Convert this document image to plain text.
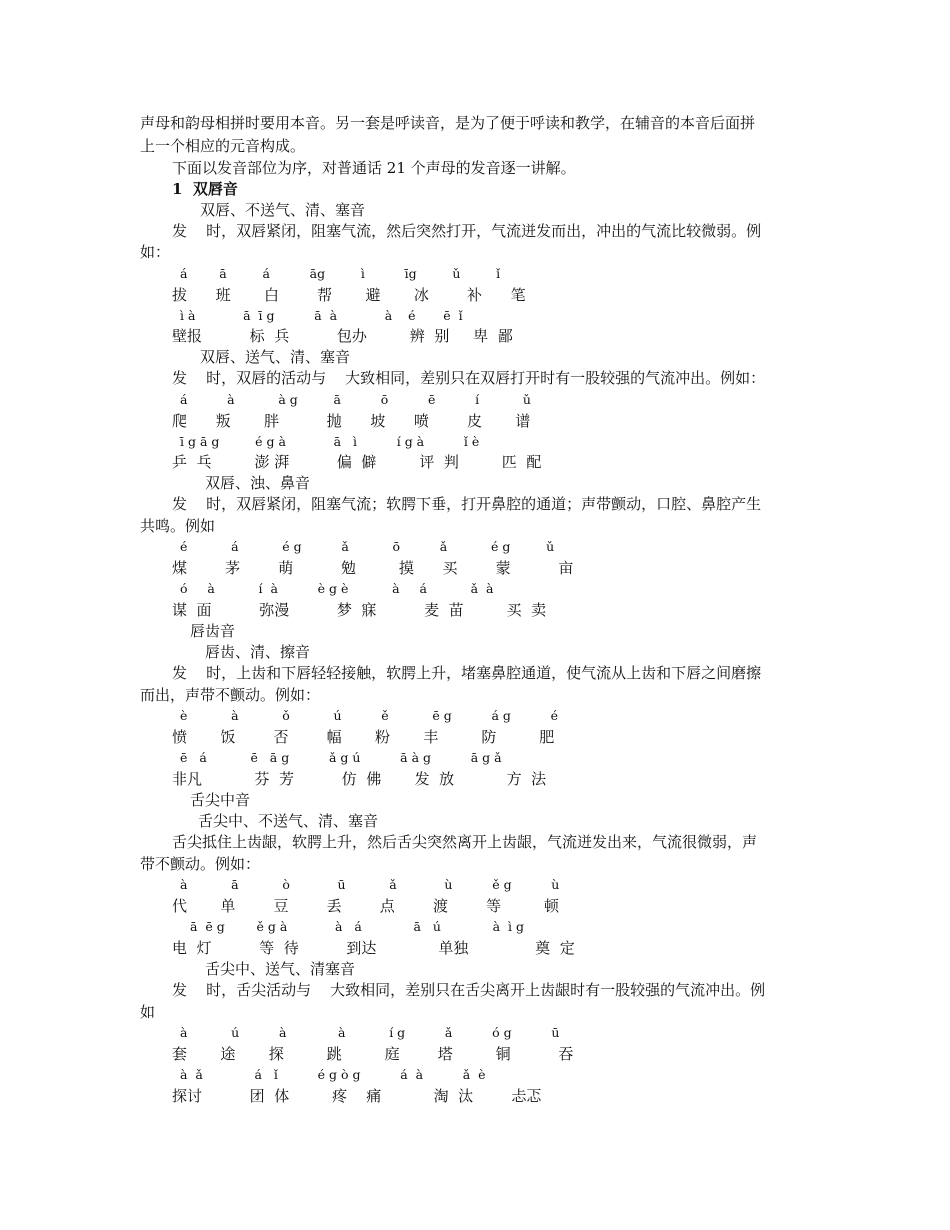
声母和韵母相拼时要用本音。另一套是呼读音，是为了便于呼读和教学，在辅音的本音后面拼
上一个相应的元音构成。
下面以发音部位为序，对普通话 21 个声母的发音逐一讲解。
1  双唇音
双唇、不送气、清、塞音
发    时，双唇紧闭，阻塞气流，然后突然打开，气流迸发而出，冲出的气流比较微弱。例
如：
á        ā         á          āg         ì          īg         ǔ         ǐ
拔      班       白        帮       避       冰        补      笔
ì à            ā  ī g          ā  à            à    é       ē  ǐ
壁报          标  兵          包办         辨  别     卑  鄙
双唇、送气、清、塞音
发    时，双唇的活动与    大致相同，差别只在双唇打开时有一股较强的气流冲出。例如：
á          à           à g         ā          ō          ē          í           ǔ
爬      叛       胖          抛      坡      喷        皮       谱
ī g ā g         é g à            ā   ì          í g à          ǐ è
乒  乓         澎 湃          偏  僻         评  判         匹  配
双唇、浊、鼻音
发    时，双唇紧闭，阻塞气流；软腭下垂，打开鼻腔的通道；声带颤动，口腔、鼻腔产生
共鸣。例如
é           á           é g          ǎ           ō          ǎ           é g         ǔ
煤        茅        萌          勉         摸      买        蒙          亩
ó     à           í  à          è g è           à     á           ǎ  à
谋  面          弥漫          梦  寐          麦  苗         买  卖
唇齿音
唇齿、清、擦音
发    时，上齿和下唇轻轻接触，软腭上升，堵塞鼻腔通道，使气流从上齿和下唇之间磨擦
而出，声带不颤动。例如：
è           à           ǒ           ú          ě           ē g          á g          é
愤       饭        否        幅       粉       丰         防         肥
ē   á           ē   ā g          ǎ g ú          ā à g          ā g ǎ
非凡           芬  芳          仿  佛       发  放           方  法
舌尖中音
舌尖中、不送气、清、塞音
舌尖抵住上齿龈，软腭上升，然后舌尖突然离开上齿龈，气流迸发出来，气流很微弱，声
带不颤动。例如：
à           ā           ò            ū           ǎ            ù          ě g          ù
代       单        豆        丢        点        渡        等         顿
ā  ē g        ě g à            à   á             ā   ú             à  ì g
电  灯          等  待          到达             单独              奠  定
舌尖中、送气、清塞音
发    时，舌尖活动与    大致相同，差别只在舌尖离开上齿龈时有一股较强的气流冲出。例
如
à           ú          à             à           í g          ǎ          ó g          ū
套       途       探         跳         庭        塔         铜          吞
à  ǎ             á   ǐ          é g ò g          á  à          ǎ  è
探讨          团  体         疼    痛           淘  汰        忐忑
